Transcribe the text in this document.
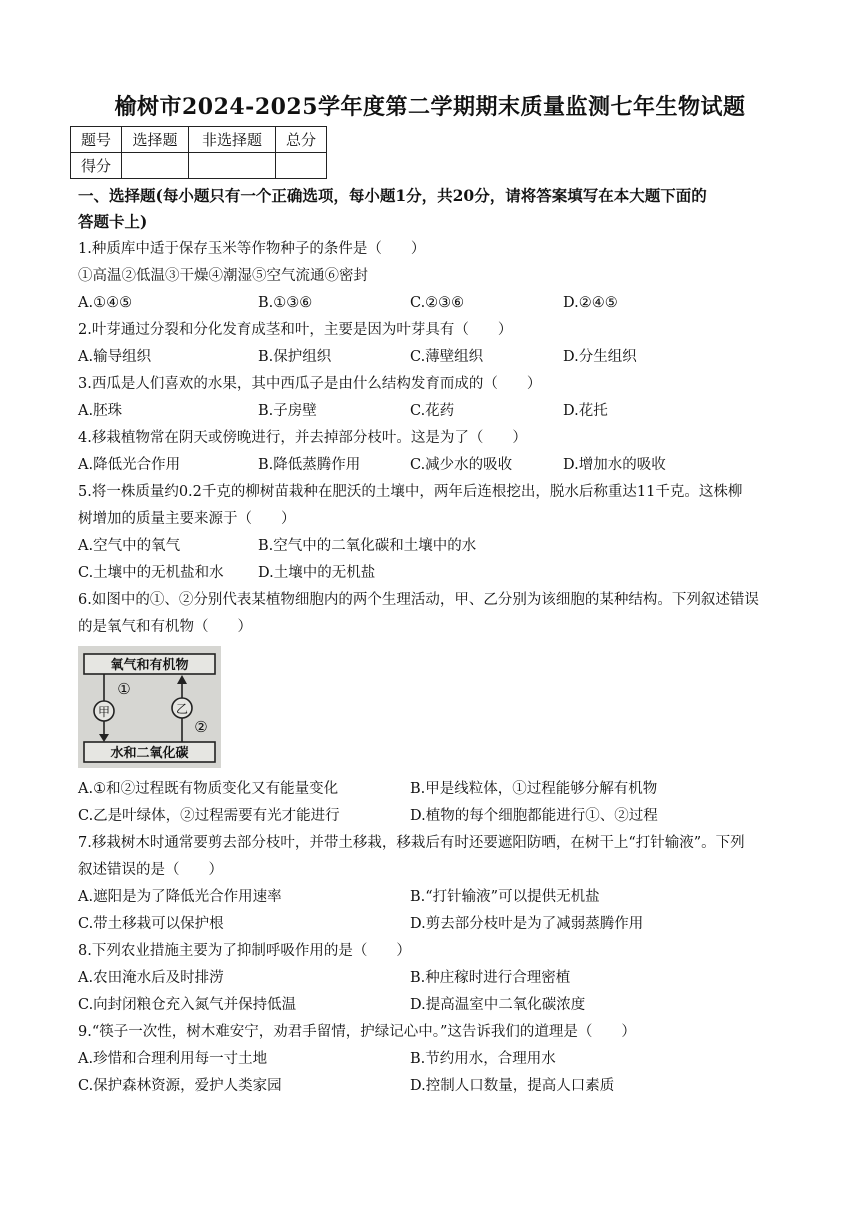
榆树市2024-2025学年度第二学期期末质量监测七年生物试题
题号	选择题	非选择题	总分
得分			
一、选择题(每小题只有一个正确选项，每小题1分，共20分，请将答案填写在本大题下面的
答题卡上)
1.种质库中适于保存玉米等作物种子的条件是（　　）
①高温②低温③干燥④潮湿⑤空气流通⑥密封
A.①④⑤	B.①③⑥	C.②③⑥	D.②④⑤
2.叶芽通过分裂和分化发育成茎和叶，主要是因为叶芽具有（　　）
A.输导组织	B.保护组织	C.薄壁组织	D.分生组织
3.西瓜是人们喜欢的水果，其中西瓜子是由什么结构发育而成的（　　）
A.胚珠	B.子房壁	C.花药	D.花托
4.移栽植物常在阴天或傍晚进行，并去掉部分枝叶。这是为了（　　）
A.降低光合作用	B.降低蒸腾作用	C.减少水的吸收	D.增加水的吸收
5.将一株质量约0.2千克的柳树苗栽种在肥沃的土壤中，两年后连根挖出，脱水后称重达11千克。这株柳
树增加的质量主要来源于（　　）
A.空气中的氧气	B.空气中的二氧化碳和土壤中的水
C.土壤中的无机盐和水 D.土壤中的无机盐
6.如图中的①、②分别代表某植物细胞内的两个生理活动，甲、乙分别为该细胞的某种结构。下列叙述错误
的是氧气和有机物（　　）
氧气和有机物
水和二氧化碳
甲
①
乙
②
A.①和②过程既有物质变化又有能量变化	B.甲是线粒体，①过程能够分解有机物
C.乙是叶绿体，②过程需要有光才能进行	D.植物的每个细胞都能进行①、②过程
7.移栽树木时通常要剪去部分枝叶，并带土移栽，移栽后有时还要遮阳防晒，在树干上“打针输液”。下列
叙述错误的是（　　）
A.遮阳是为了降低光合作用速率	B.“打针输液”可以提供无机盐
C.带土移栽可以保护根	D.剪去部分枝叶是为了减弱蒸腾作用
8.下列农业措施主要为了抑制呼吸作用的是（　　）
A.农田淹水后及时排涝	B.种庄稼时进行合理密植
C.向封闭粮仓充入氮气并保持低温	D.提高温室中二氧化碳浓度
9.“筷子一次性，树木难安宁，劝君手留情，护绿记心中。”这告诉我们的道理是（　　）
A.珍惜和合理利用每一寸土地	B.节约用水，合理用水
C.保护森林资源，爱护人类家园	D.控制人口数量，提高人口素质
